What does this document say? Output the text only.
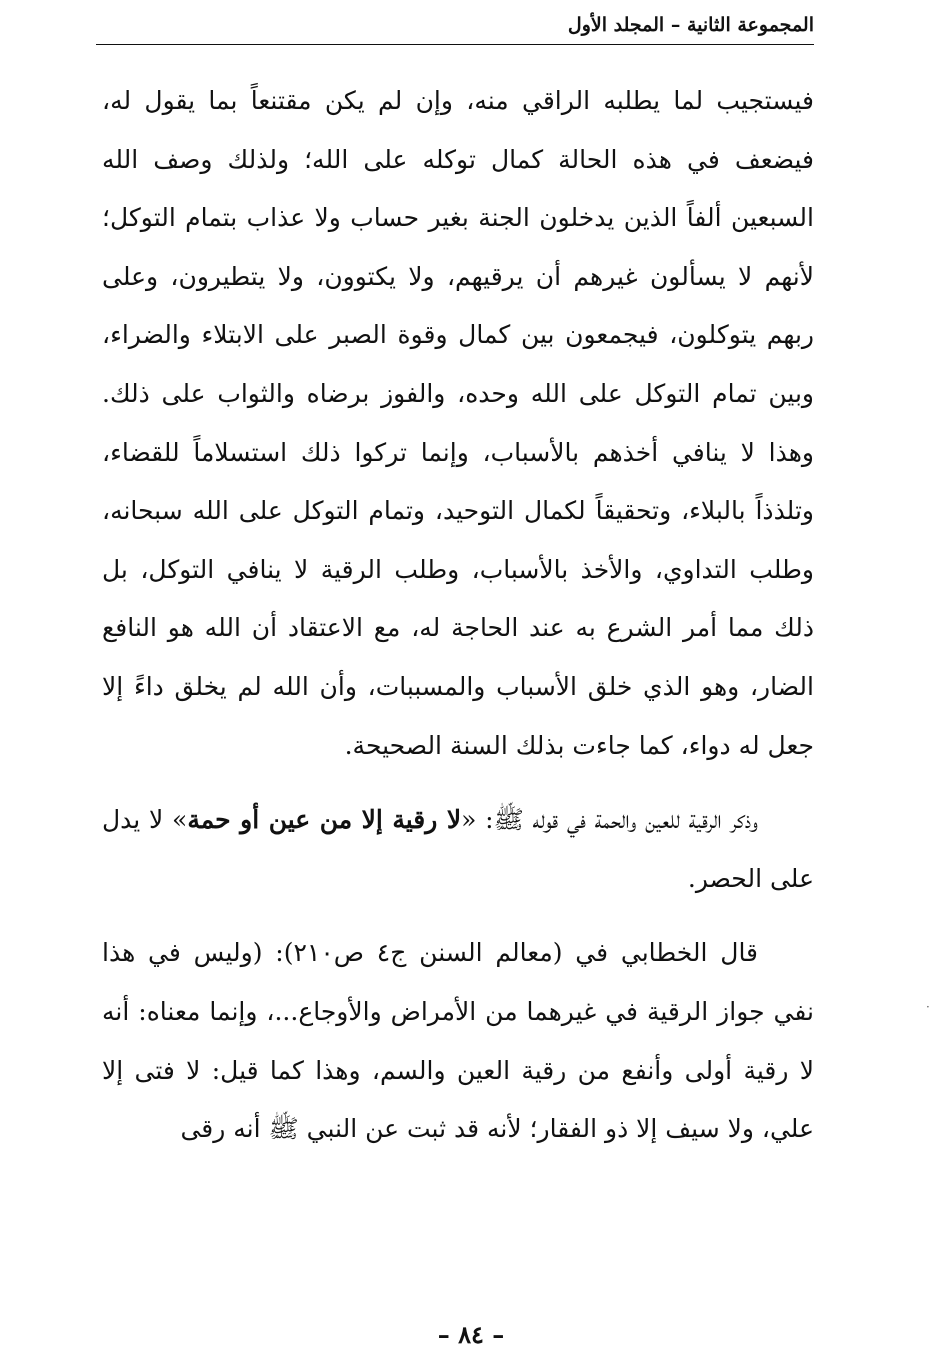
المجموعة الثانية – المجلد الأول

فيستجيب لما يطلبه الراقي منه، وإن لم يكن مقتنعاً بما يقول له، فيضعف في هذه الحالة كمال توكله على الله؛ ولذلك وصف الله السبعين ألفاً الذين يدخلون الجنة بغير حساب ولا عذاب بتمام التوكل؛ لأنهم لا يسألون غيرهم أن يرقيهم، ولا يكتوون، ولا يتطيرون، وعلى ربهم يتوكلون، فيجمعون بين كمال وقوة الصبر على الابتلاء والضراء، وبين تمام التوكل على الله وحده، والفوز برضاه والثواب على ذلك. وهذا لا ينافي أخذهم بالأسباب، وإنما تركوا ذلك استسلاماً للقضاء، وتلذذاً بالبلاء، وتحقيقاً لكمال التوحيد، وتمام التوكل على الله سبحانه، وطلب التداوي، والأخذ بالأسباب، وطلب الرقية لا ينافي التوكل، بل ذلك مما أمر الشرع به عند الحاجة له، مع الاعتقاد أن الله هو النافع الضار، وهو الذي خلق الأسباب والمسببات، وأن الله لم يخلق داءً إلا جعل له دواء، كما جاءت بذلك السنة الصحيحة.

وذكر الرقية للعين والحمة في قوله ﷺ: «لا رقية إلا من عين أو حمة» لا يدل على الحصر.

قال الخطابي في (معالم السنن ج٤ ص٢١٠): (وليس في هذا نفي جواز الرقية في غيرهما من الأمراض والأوجاع...، وإنما معناه: أنه لا رقية أولى وأنفع من رقية العين والسم، وهذا كما قيل: لا فتى إلا علي، ولا سيف إلا ذو الفقار؛ لأنه قد ثبت عن النبي ﷺ أنه رقى

·
– ٨٤ –
